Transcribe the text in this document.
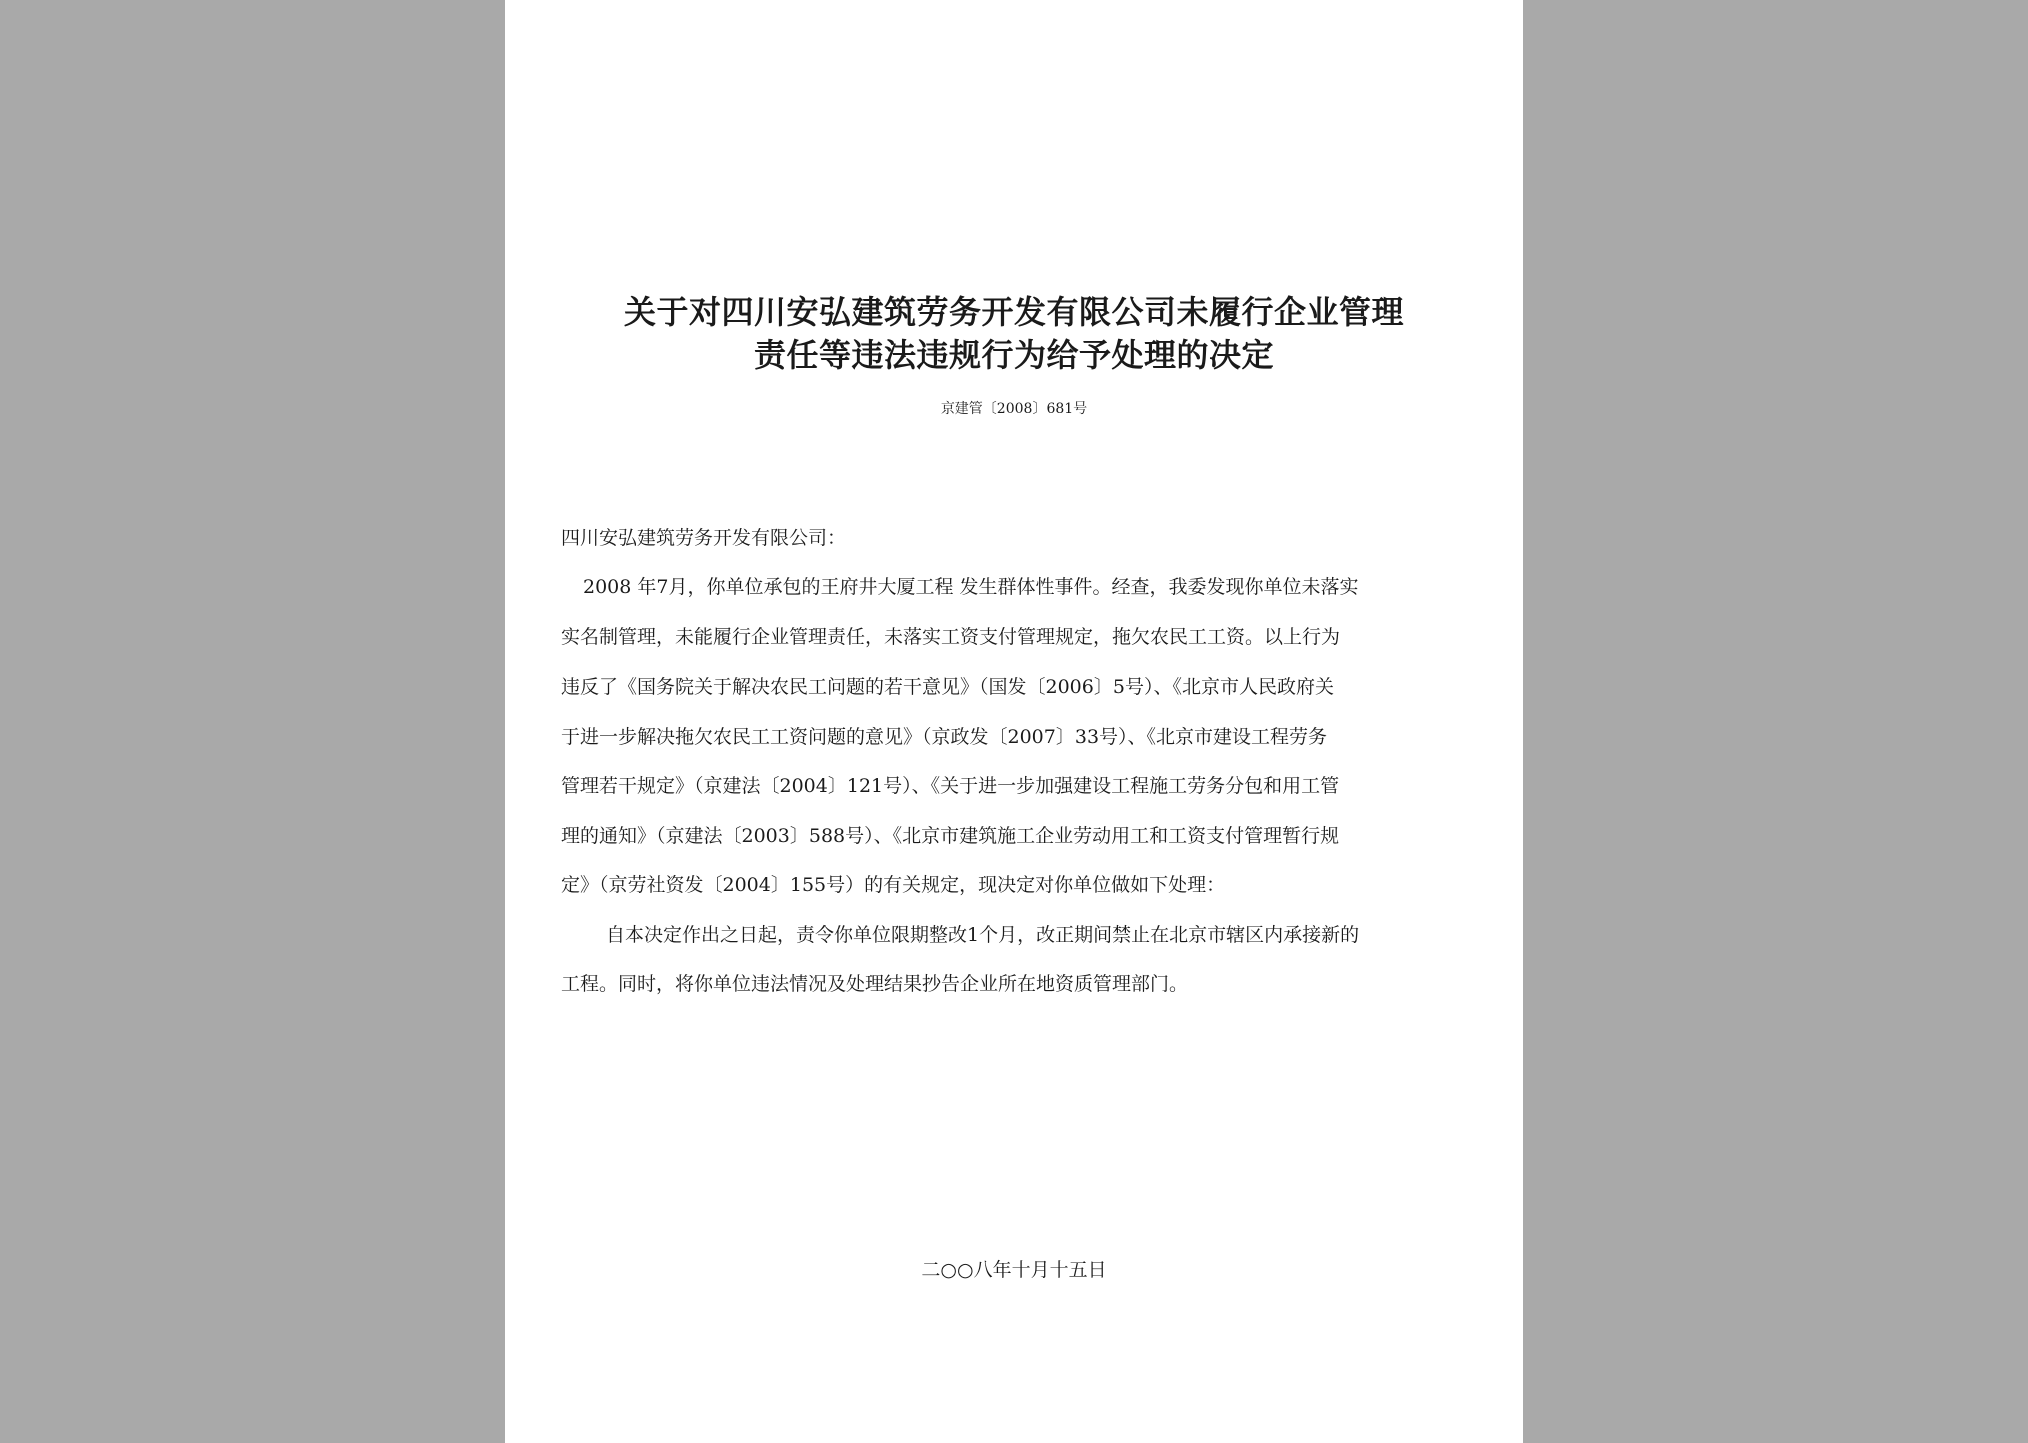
关于对四川安弘建筑劳务开发有限公司未履行企业管理
责任等违法违规行为给予处理的决定
京建管〔2008〕681号
四川安弘建筑劳务开发有限公司：
2008 年7月，你单位承包的王府井大厦工程 发生群体性事件。经查，我委发现你单位未落实
实名制管理，未能履行企业管理责任，未落实工资支付管理规定，拖欠农民工工资。以上行为
违反了《国务院关于解决农民工问题的若干意见》（国发〔2006〕5号）、《北京市人民政府关
于进一步解决拖欠农民工工资问题的意见》（京政发〔2007〕33号）、《北京市建设工程劳务
管理若干规定》（京建法〔2004〕121号）、《关于进一步加强建设工程施工劳务分包和用工管
理的通知》（京建法〔2003〕588号）、《北京市建筑施工企业劳动用工和工资支付管理暂行规
定》（京劳社资发〔2004〕155号）的有关规定，现决定对你单位做如下处理：
自本决定作出之日起，责令你单位限期整改1个月，改正期间禁止在北京市辖区内承接新的
工程。同时，将你单位违法情况及处理结果抄告企业所在地资质管理部门。
二○○八年十月十五日
